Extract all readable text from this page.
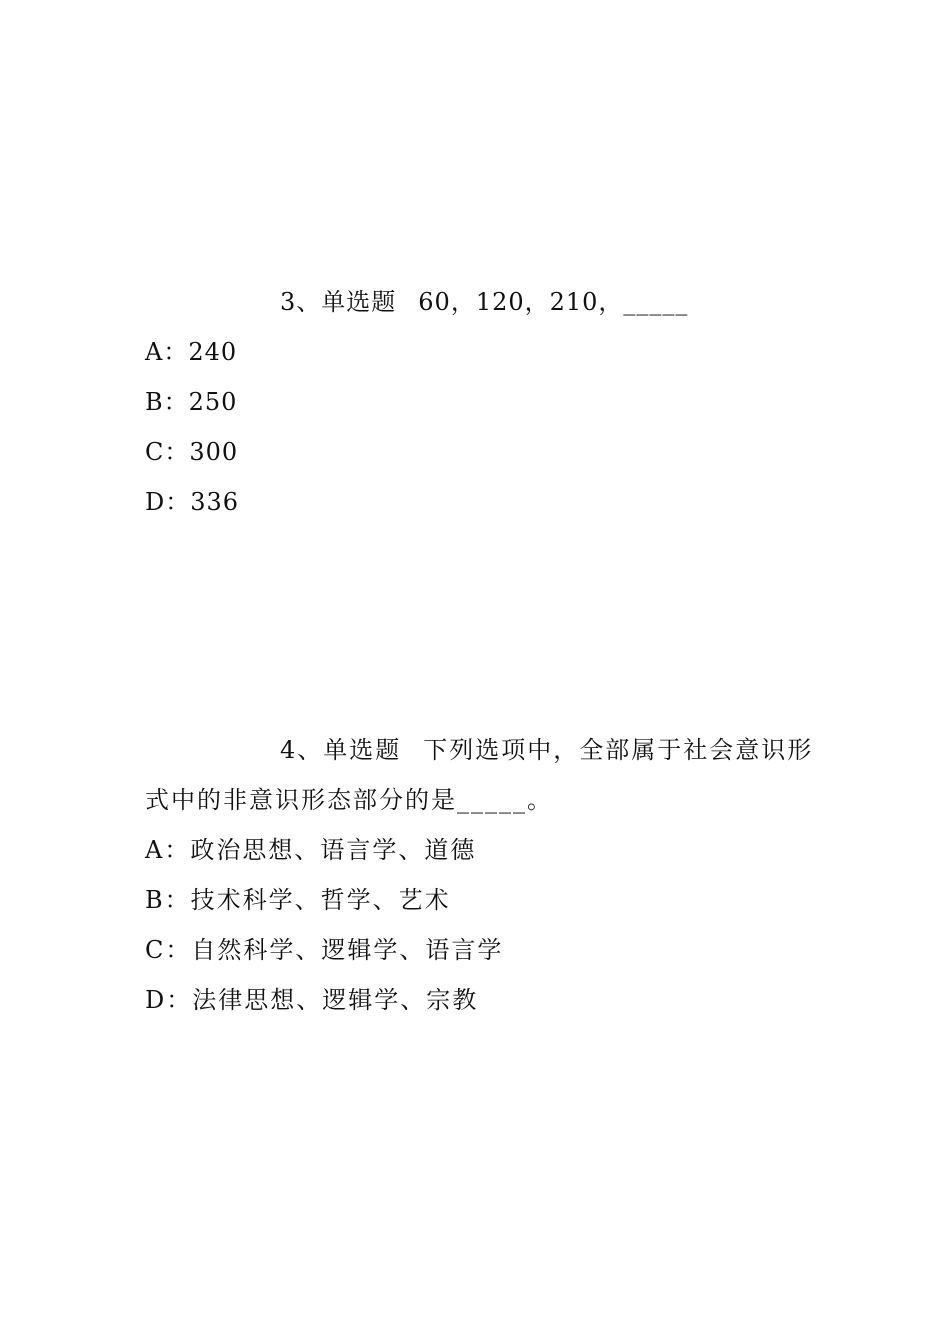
3、单选题 60，120，210，_____
A：240
B：250
C：300
D：336
4、单选题 下列选项中，全部属于社会意识形
式中的非意识形态部分的是_____。
A：政治思想、语言学、道德
B：技术科学、哲学、艺术
C：自然科学、逻辑学、语言学
D：法律思想、逻辑学、宗教
